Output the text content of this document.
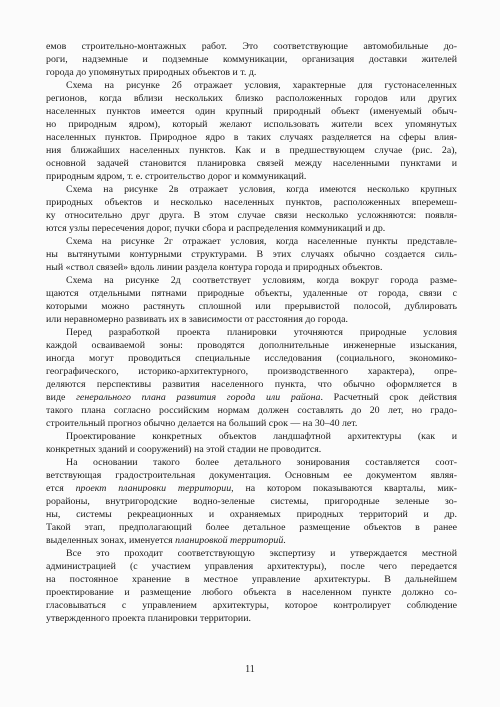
емов строительно-монтажных работ. Это соответствующие автомобильные до-
роги, надземные и подземные коммуникации, организация доставки жителей
города до упомянутых природных объектов и т. д.
Схема на рисунке 2б отражает условия, характерные для густонаселенных
регионов, когда вблизи нескольких близко расположенных городов или других
населенных пунктов имеется один крупный природный объект (именуемый обыч-
но природным ядром), который желают использовать жители всех упомянутых
населенных пунктов. Природное ядро в таких случаях разделяется на сферы влия-
ния ближайших населенных пунктов. Как и в предшествующем случае (рис. 2а),
основной задачей становится планировка связей между населенными пунктами и
природным ядром, т. е. строительство дорог и коммуникаций.
Схема на рисунке 2в отражает условия, когда имеются несколько крупных
природных объектов и несколько населенных пунктов, расположенных вперемеш-
ку относительно друг друга. В этом случае связи несколько усложняются: появля-
ются узлы пересечения дорог, пучки сбора и распределения коммуникаций и др.
Схема на рисунке 2г отражает условия, когда населенные пункты представле-
ны вытянутыми контурными структурами. В этих случаях обычно создается силь-
ный «ствол связей» вдоль линии раздела контура города и природных объектов.
Схема на рисунке 2д соответствует условиям, когда вокруг города разме-
щаются отдельными пятнами природные объекты, удаленные от города, связи с
которыми можно растянуть сплошной или прерывистой полосой, дублировать
или неравномерно развивать их в зависимости от расстояния до города.
Перед разработкой проекта планировки уточняются природные условия
каждой осваиваемой зоны: проводятся дополнительные инженерные изыскания,
иногда могут проводиться специальные исследования (социального, экономико-
географического, историко-архитектурного, производственного характера), опре-
деляются перспективы развития населенного пункта, что обычно оформляется в
виде генерального плана развития города или района. Расчетный срок действия
такого плана согласно российским нормам должен составлять до 20 лет, но градо-
строительный прогноз обычно делается на больший срок — на 30–40 лет.
Проектирование конкретных объектов ландшафтной архитектуры (как и
конкретных зданий и сооружений) на этой стадии не проводится.
На основании такого более детального зонирования составляется соот-
ветствующая градостроительная документация. Основным ее документом являя-
ется проект планировки территории, на котором показываются кварталы, мик-
рорайоны, внутригородские водно-зеленые системы, пригородные зеленые зо-
ны, системы рекреационных и охраняемых природных территорий и др.
Такой этап, предполагающий более детальное размещение объектов в ранее
выделенных зонах, именуется планировкой территорий.
Все это проходит соответствующую экспертизу и утверждается местной
администрацией (с участием управления архитектуры), после чего передается
на постоянное хранение в местное управление архитектуры. В дальнейшем
проектирование и размещение любого объекта в населенном пункте должно со-
гласовываться с управлением архитектуры, которое контролирует соблюдение
утвержденного проекта планировки территории.
11
